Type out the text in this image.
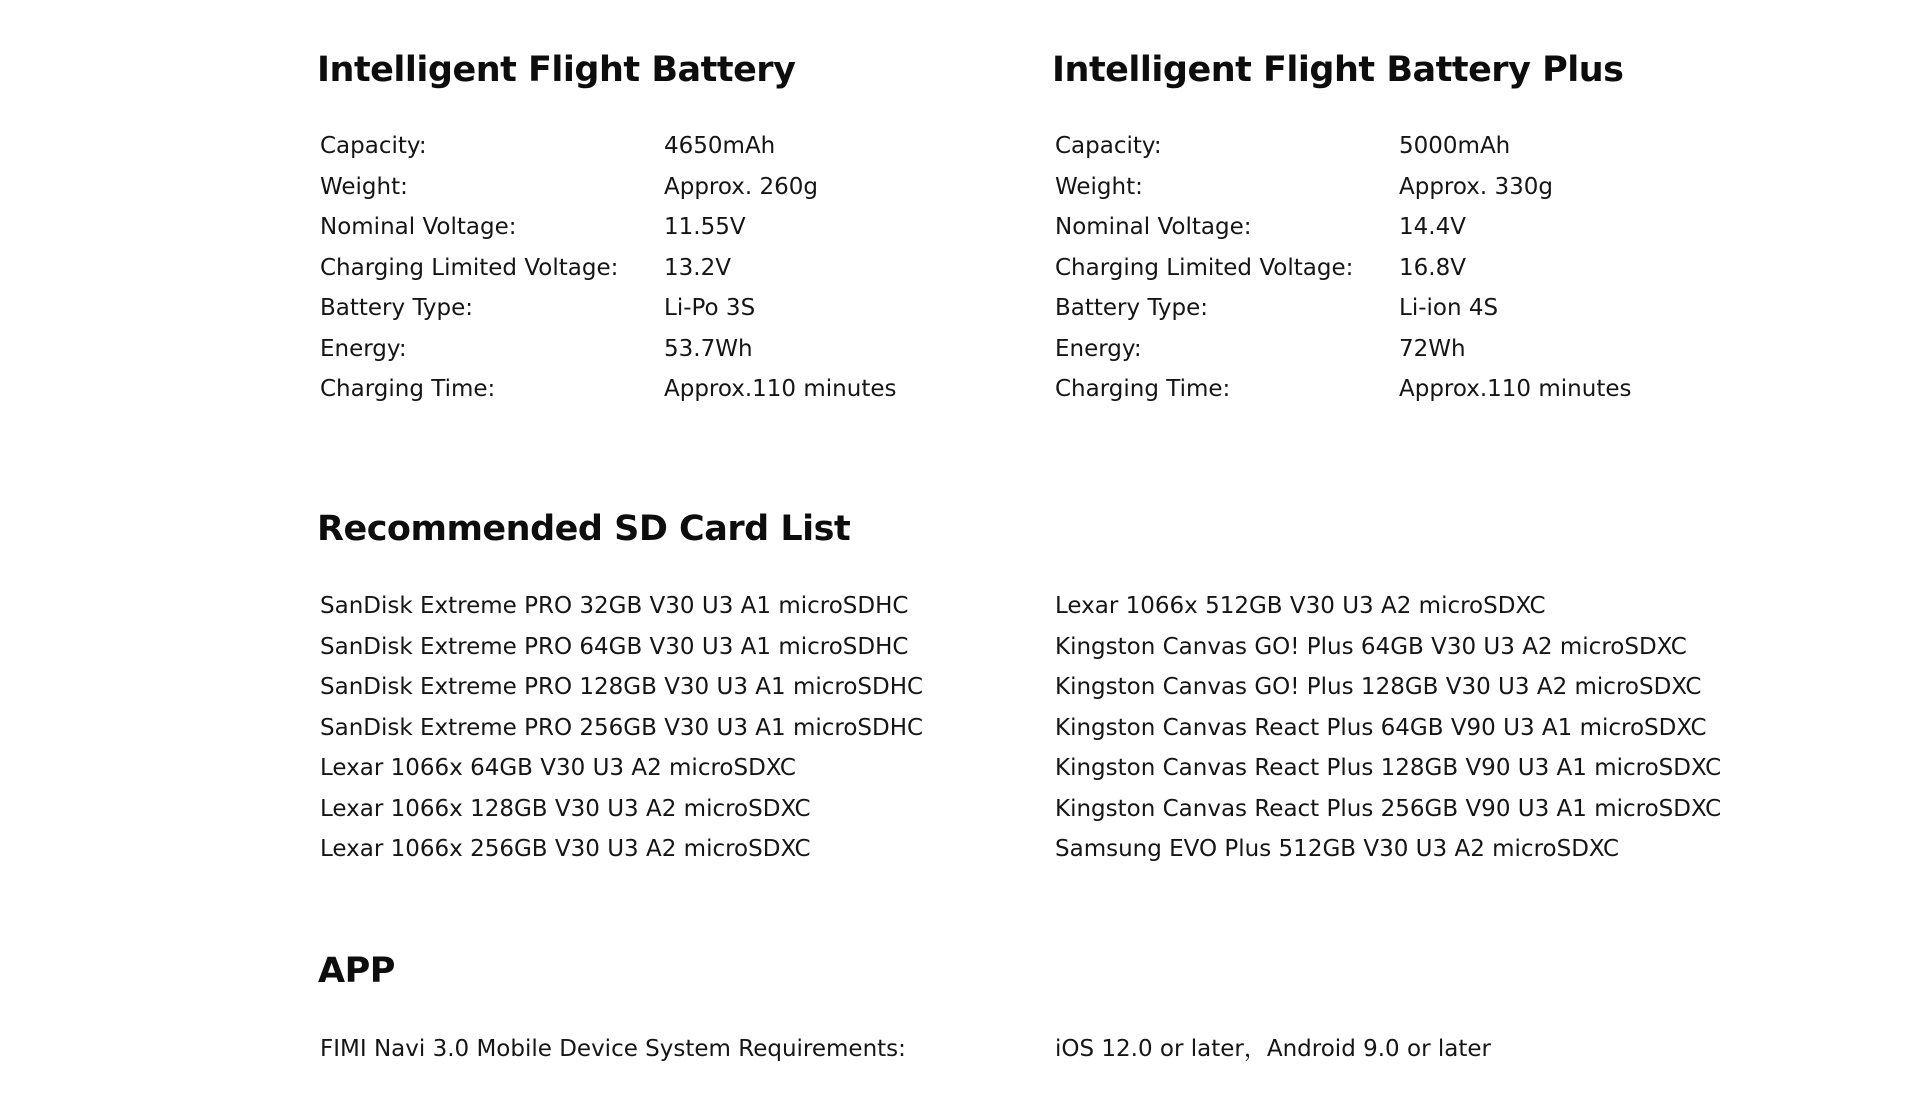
Intelligent Flight Battery
Capacity:	4650mAh
Weight:	Approx. 260g
Nominal Voltage:	11.55V
Charging Limited Voltage:	13.2V
Battery Type:	Li-Po 3S
Energy:	53.7Wh
Charging Time:	Approx.110 minutes
Intelligent Flight Battery Plus
Capacity:	5000mAh
Weight:	Approx. 330g
Nominal Voltage:	14.4V
Charging Limited Voltage:	16.8V
Battery Type:	Li-ion 4S
Energy:	72Wh
Charging Time:	Approx.110 minutes
Recommended SD Card List
SanDisk Extreme PRO 32GB V30 U3 A1 microSDHC
SanDisk Extreme PRO 64GB V30 U3 A1 microSDHC
SanDisk Extreme PRO 128GB V30 U3 A1 microSDHC
SanDisk Extreme PRO 256GB V30 U3 A1 microSDHC
Lexar 1066x 64GB V30 U3 A2 microSDXC
Lexar 1066x 128GB V30 U3 A2 microSDXC
Lexar 1066x 256GB V30 U3 A2 microSDXC
Lexar 1066x 512GB V30 U3 A2 microSDXC
Kingston Canvas GO! Plus 64GB V30 U3 A2 microSDXC
Kingston Canvas GO! Plus 128GB V30 U3 A2 microSDXC
Kingston Canvas React Plus 64GB V90 U3 A1 microSDXC
Kingston Canvas React Plus 128GB V90 U3 A1 microSDXC
Kingston Canvas React Plus 256GB V90 U3 A1 microSDXC
Samsung EVO Plus 512GB V30 U3 A2 microSDXC
APP
FIMI Navi 3.0 Mobile Device System Requirements:	iOS 12.0 or later，Android 9.0 or later
